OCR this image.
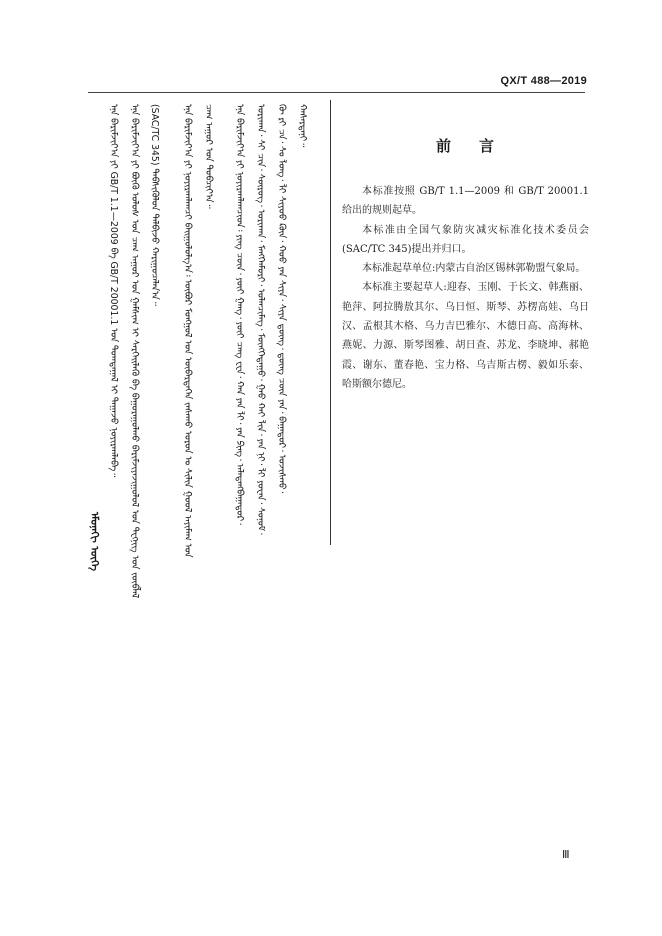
QX/T 488—2019
ᠡᠮᠦᠨᠡᠬᠢ ᠦᠭᠡ
ᠡᠨᠡ ᠪᠠᠷᠢᠮᠵᠢᠶ᠎ᠠ ᠶᠢ GB/T 1.1—2009 ᠪᠠ GB/T 20001.1 ᠤᠨ ᠲᠣᠭᠲᠠᠭᠠᠯ ᠢ ᠳᠠᠭᠠᠵᠤ ᠨᠣᠶᠢᠷᠠᠭᠯᠠᠪᠠ᠃ ᠡᠨᠡ ᠪᠠᠷᠢᠮᠵᠢᠶ᠎ᠠ ᠶᠢ ᠪᠦᠬᠦ ᠤᠯᠤᠰ ᠤᠨ ᠴᠠᠭ ᠠᠭᠤᠷ ᠤᠨ ᠭᠠᠮᠰᠢᠭ ᠢ ᠰᠡᠷᠭᠡᠢᠯᠡᠬᠦ ᠪᠠ ᠪᠠᠭᠤᠷᠠᠭᠤᠯᠬᠤ ᠪᠠᠷᠢᠮᠵᠢᠶᠠᠵᠢᠭᠤᠯᠤᠯ ᠤᠨ ᠲᠧᠬᠨᠢᠭ ᠤᠨ ᠵᠥᠪᠯᠡᠯ (SAC/TC 345) ᠳᠡᠪᠰᠢᠭᠦᠯᠦᠨ ᠲᠠᠯᠪᠢᠵᠤ ᠬᠠᠷᠢᠭᠤᠴᠠᠯᠠᠨ᠎ᠠ᠃ ᠡᠨᠡ ᠪᠠᠷᠢᠮᠵᠢᠶ᠎ᠠ ᠶᠢ ᠨᠣᠶᠢᠷᠠᠭᠯᠠᠭᠴᠢ ᠪᠠᠢᠭᠤᠯᠤᠯᠭ᠎ᠠ᠄ ᠥᠪᠥᠷ ᠮᠣᠩᠭᠣᠯ ᠤᠨ ᠥᠪᠡᠷᠲᠡᠭᠡᠨ ᠵᠠᠰᠠᠬᠤ ᠣᠷᠤᠨ ᠤ ᠰᠢᠯᠢᠨ ᠭᠣᠤᠯ ᠠᠶᠢᠮᠠᠭ ᠤᠨ ᠴᠠᠭ ᠠᠭᠤᠷ ᠤᠨ ᠲᠣᠪᠴᠢᠶ᠎ᠠ᠃ ᠡᠨᠡ ᠪᠠᠷᠢᠮᠵᠢᠶ᠎ᠠ ᠶᠢ ᠨᠣᠶᠢᠷᠠᠭᠯᠠᠭᠴᠢᠳ᠄ ᠶᠢᠩ ᠴᠦᠨ᠂ ᠶᠦᠢ ᠭᠠᠩ᠂ ᠶᠦᠢ ᠴᠠᠩ ᠸᠧᠨ᠂ ᠬᠠᠨ ᠶᠠᠨ ᠯᠢ᠂ ᠶᠠᠨ ᠫᠢᠩ᠂ ᠠᠯᠠᠲᠠᠩᠪᠠᠭᠠᠲᠤᠷ᠂ ᠤᠷᠢᠬᠠᠨ᠂ ᠰᠢ ᠴᠢᠨ᠂ ᠰᠦᠷᠦᠭ᠂ ᠤᠷᠢᠬᠠᠨ᠂ ᠮᠡᠩᠭᠡᠨᠮᠣᠷᠢ᠂ ᠣᠯᠠᠨᠴᠢᠮᠡᠭ᠂ ᠮᠥᠩᠭᠡᠳᠠᠭᠤ᠂ ᠭᠠᠤ ᠬᠠᠢ ᠯᠢᠨ᠂ ᠶᠠᠨ ᠨᠢ᠂ ᠯᠢ ᠶᠤᠸᠠᠨ᠂ ᠰᠣᠨᠣᠮ᠂ ᠬᠦ ᠷᠢ ᠴᠠ᠂ ᠰᠤ ᠯᠣᠩ᠂ ᠯᠢ ᠰᠢᠶᠣᠤ ᠺᠦᠨ᠂ ᠬᠣᠤ ᠶᠠᠨ ᠰᠢᠶᠠ᠂ ᠰᠢᠶᠡ ᠳ᠋ᠦᠩ᠂ ᠳ᠋ᠦᠩ ᠴᠦᠨ ᠶᠠᠨ᠂ ᠪᠠᠭᠠᠲᠤᠷ᠂ ᠤᠵᠢᠰᠬᠤ᠂ ᠬᠠᠰᠡᠷᠳᠡᠨᠢ᠃	前言

本标准按照 GB/T 1.1—2009 和 GB/T 20001.1 给出的规则起草。

本标准由全国气象防灾减灾标准化技术委员会(SAC/TC 345)提出并归口。

本标准起草单位:内蒙古自治区锡林郭勒盟气象局。

本标准主要起草人:迎春、玉刚、于长文、韩燕丽、艳萍、阿拉腾敖其尔、乌日恒、斯琴、苏楞高娃、乌日汉、孟根其木格、乌力吉巴雅尔、木德日高、高海林、燕妮、力源、斯琴图雅、胡日查、苏龙、李晓坤、郝艳霞、谢东、董春艳、宝力格、乌吉斯古楞、毅如乐泰、哈斯额尔德尼。

Ⅲ
